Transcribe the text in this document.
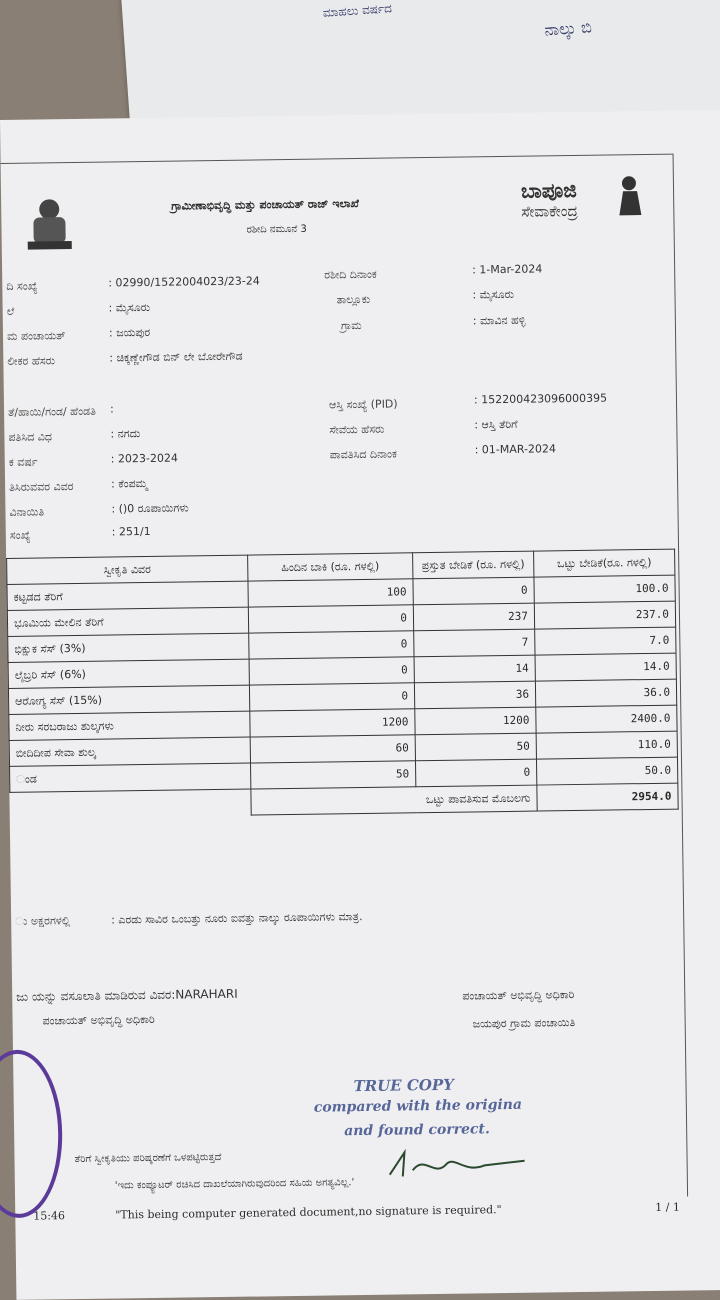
ಮಾಹಲು ವರ್ಷದ
ನಾಲ್ಕು ಬಿ
ಗ್ರಾಮೀಣಾಭಿವೃದ್ಧಿ ಮತ್ತು ಪಂಚಾಯತ್ ರಾಜ್ ಇಲಾಖೆ
ರಶೀದಿ ನಮೂನೆ 3
ಬಾಪೂಜಿ
ಸೇವಾಕೇಂದ್ರ
ದಿ ಸಂಖ್ಯೆ	: 02990/1522004023/23-24
ಲೆ	: ಮೈಸೂರು
ಮ ಪಂಚಾಯತ್	: ಜಯಪುರ
ಲೀಕರ ಹೆಸರು	: ಚಿಕ್ಕಣ್ಣೇಗೌಡ ಬಿನ್ ಲೇ ಬೋರೇಗೌಡ
ತೆ/ಹಾಯಿ/ಗಂಡ/ ಹೆಂಡತಿ :
ಪತಿಸಿದ ವಿಧ	: ನಗದು
ಕ ವರ್ಷ	: 2023-2024
ತಿಸಿರುವವರ ವಿವರ	: ಕೆಂಪಮ್ಮ
ವಿನಾಯಿತಿ	: ()0 ರೂಪಾಯಿಗಳು
ಸಂಖ್ಯೆ	: 251/1
ರಶೀದಿ ದಿನಾಂಕ	: 1-Mar-2024
ತಾಲ್ಲೂಕು	: ಮೈಸೂರು
ಗ್ರಾಮ	: ಮಾವಿನ ಹಳ್ಳಿ
ಆಸ್ತಿ ಸಂಖ್ಯೆ (PID)	: 152200423096000395
ಸೇವೆಯ ಹೆಸರು	: ಆಸ್ತಿ ತೆರಿಗೆ
ಪಾವತಿಸಿದ ದಿನಾಂಕ	: 01-MAR-2024
ಸ್ವೀಕೃತಿ ವಿವರ	ಹಿಂದಿನ ಬಾಕಿ (ರೂ. ಗಳಲ್ಲಿ)	ಪ್ರಸ್ತುತ ಬೇಡಿಕೆ (ರೂ. ಗಳಲ್ಲಿ)	ಒಟ್ಟು ಬೇಡಿಕೆ(ರೂ. ಗಳಲ್ಲಿ)
ಕಟ್ಟಡದ ತೆರಿಗೆ	100	0	100.0
ಭೂಮಿಯ ಮೇಲಿನ ತೆರಿಗೆ	0	237	237.0
ಭಿಕ್ಷುಕ ಸೆಸ್ (3%)	0	7	7.0
ಲೈಬ್ರರಿ ಸೆಸ್ (6%)	0	14	14.0
ಆರೋಗ್ಯ ಸೆಸ್ (15%)	0	36	36.0
ನೀರು ಸರಬರಾಜು ಶುಲ್ಕಗಳು	1200	1200	2400.0
ಬೀದಿದೀಪ ಸೇವಾ ಶುಲ್ಕ	60	50	110.0
ಂಡ	50	0	50.0
	ಒಟ್ಟು ಪಾವತಿಸುವ ಮೊಬಲಗು		2954.0
ು ಅಕ್ಷರಗಳಲ್ಲಿ	: ಎರಡು ಸಾವಿರ ಒಂಬತ್ತು ನೂರು ಐವತ್ತು ನಾಲ್ಕು ರೂಪಾಯಿಗಳು ಮಾತ್ರ.
ಜು ಯನ್ನು ವಸೂಲಾತಿ ಮಾಡಿರುವ ವಿವರ:NARAHARI
ಪಂಚಾಯತ್ ಅಭಿವೃದ್ಧಿ ಅಧಿಕಾರಿ
ಪಂಚಾಯತ್ ಅಭಿವೃದ್ಧಿ ಅಧಿಕಾರಿ
ಜಯಪುರ ಗ್ರಾಮ ಪಂಚಾಯಿತಿ
TRUE COPY
compared with the origina
and found correct.
ತೆರಿಗೆ ಸ್ವೀಕೃತಿಯು ಪರಿಷ್ಕರಣೆಗೆ ಒಳಪಟ್ಟಿರುತ್ತದೆ
'ಇದು ಕಂಪ್ಯೂಟರ್ ರಚಿಸಿದ ದಾಖಲೆಯಾಗಿರುವುದರಿಂದ ಸಹಿಯ ಅಗತ್ಯವಿಲ್ಲ.'
15:46	"This being computer generated document,no signature is required."	1 / 1
